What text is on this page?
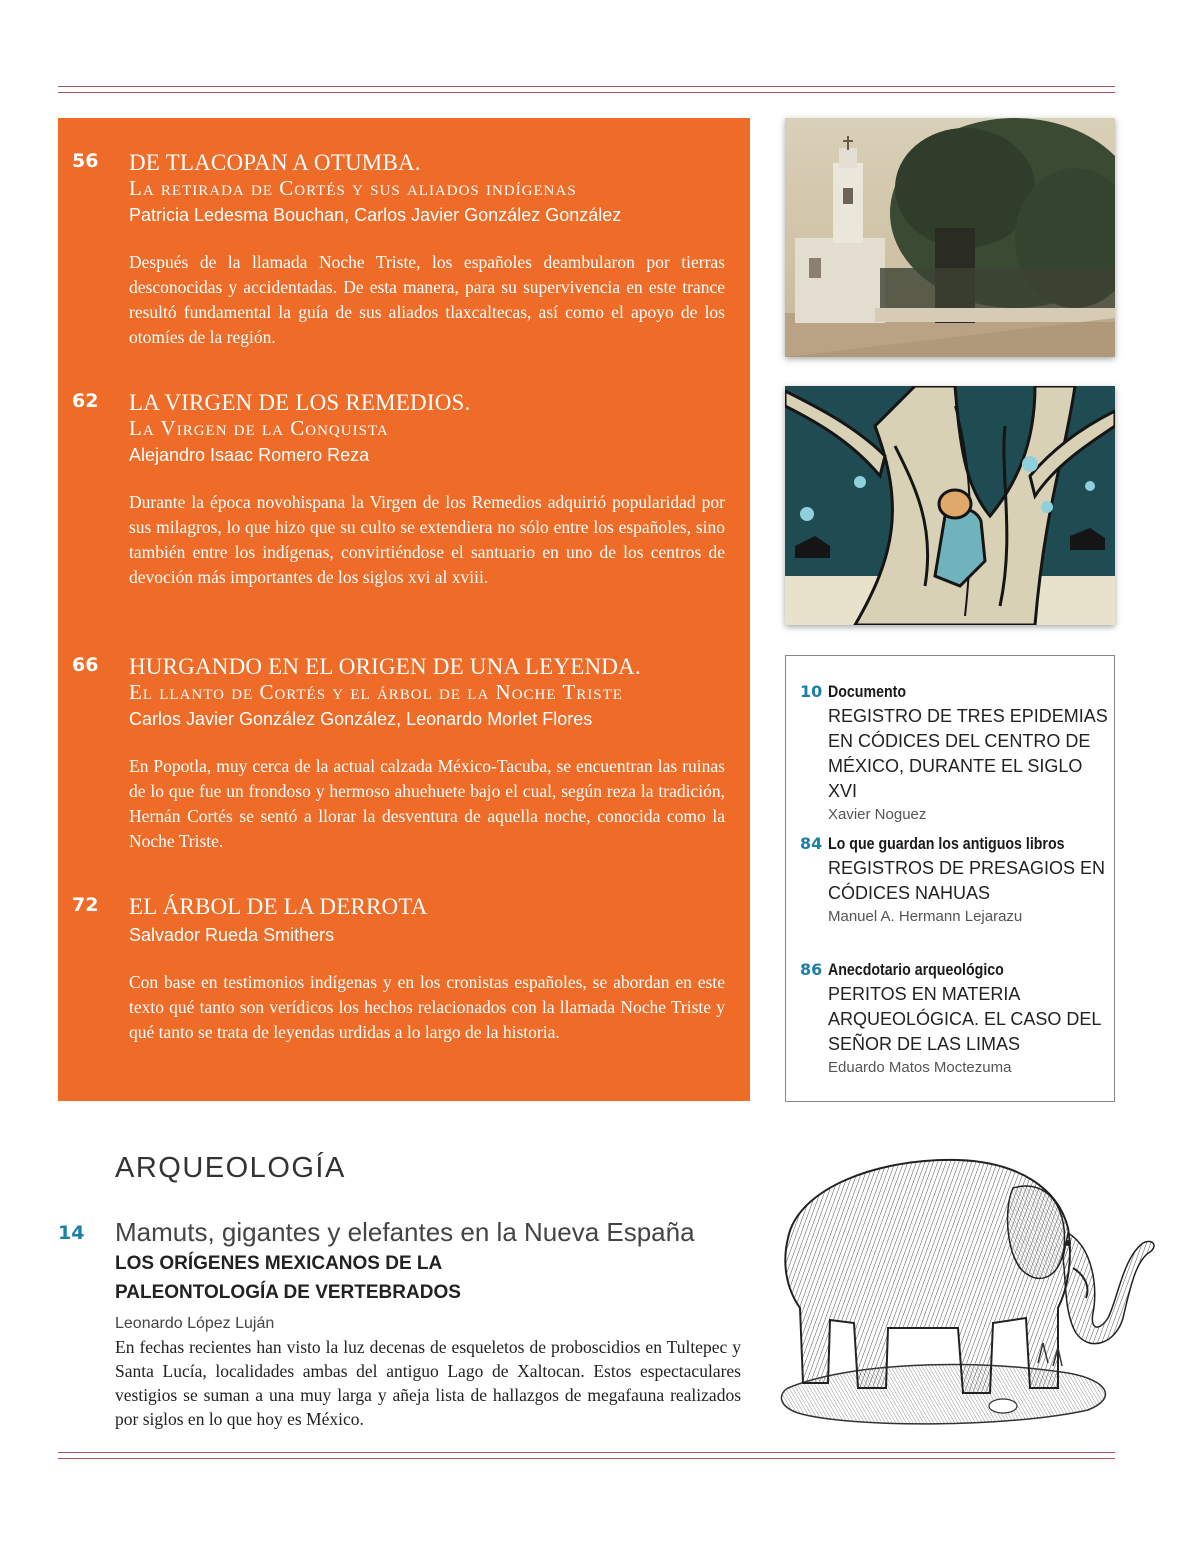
56	DE TLACOPAN A OTUMBA.
La retirada de Cortés y sus aliados indígenas
Patricia Ledesma Bouchan, Carlos Javier González González
Después de la llamada Noche Triste, los españoles deambularon por tierras desconocidas y accidentadas. De esta manera, para su supervivencia en este trance resultó fundamental la guía de sus aliados tlaxcaltecas, así como el apoyo de los otomíes de la región.
62	LA VIRGEN DE LOS REMEDIOS.
La Virgen de la Conquista
Alejandro Isaac Romero Reza
Durante la época novohispana la Virgen de los Remedios adquirió popularidad por sus milagros, lo que hizo que su culto se extendiera no sólo entre los españoles, sino también entre los indígenas, convirtiéndose el santuario en uno de los centros de devoción más importantes de los siglos xvi al xviii.
66	HURGANDO EN EL ORIGEN DE UNA LEYENDA.
El llanto de Cortés y el árbol de la Noche Triste
Carlos Javier González González, Leonardo Morlet Flores
En Popotla, muy cerca de la actual calzada México-Tacuba, se encuentran las ruinas de lo que fue un frondoso y hermoso ahuehuete bajo el cual, según reza la tradición, Hernán Cortés se sentó a llorar la desventura de aquella noche, conocida como la Noche Triste.
72	EL ÁRBOL DE LA DERROTA
Salvador Rueda Smithers
Con base en testimonios indígenas y en los cronistas españoles, se abordan en este texto qué tanto son verídicos los hechos relacionados con la llamada Noche Triste y qué tanto se trata de leyendas urdidas a lo largo de la historia.
10 Documento
REGISTRO DE TRES EPIDEMIAS EN CÓDICES DEL CENTRO DE MÉXICO, DURANTE EL SIGLO XVI
Xavier Noguez
84 Lo que guardan los antiguos libros
REGISTROS DE PRESAGIOS EN CÓDICES NAHUAS
Manuel A. Hermann Lejarazu
86 Anecdotario arqueológico
PERITOS EN MATERIA ARQUEOLÓGICA. EL CASO DEL SEÑOR DE LAS LIMAS
Eduardo Matos Moctezuma
ARQUEOLOGÍA
14 Mamuts, gigantes y elefantes en la Nueva España
LOS ORÍGENES MEXICANOS DE LA PALEONTOLOGÍA DE VERTEBRADOS
Leonardo López Luján
En fechas recientes han visto la luz decenas de esqueletos de proboscidios en Tultepec y Santa Lucía, localidades ambas del antiguo Lago de Xaltocan. Estos espectaculares vestigios se suman a una muy larga y añeja lista de hallazgos de megafauna realizados por siglos en lo que hoy es México.
